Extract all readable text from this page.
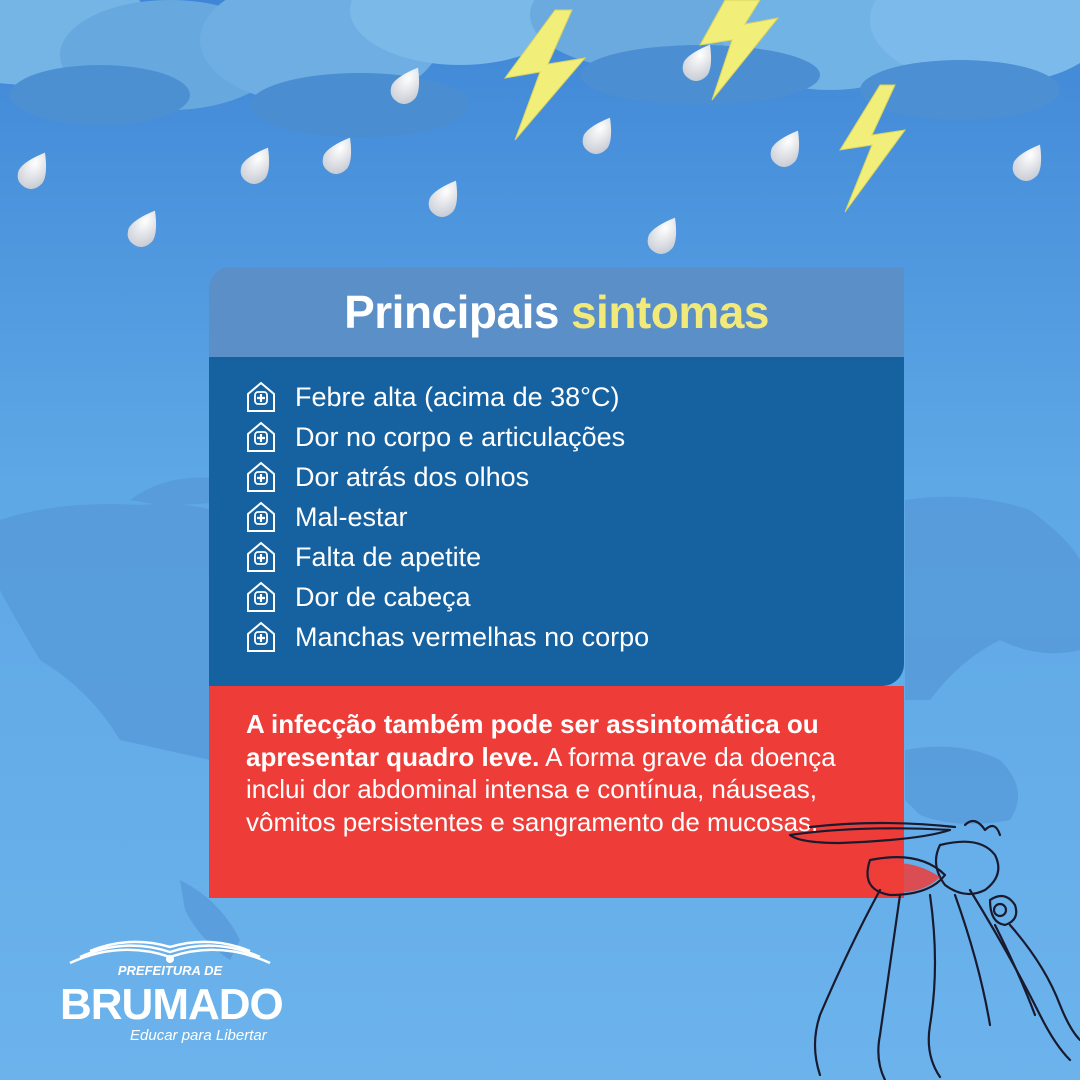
Principais sintomas
Febre alta (acima de 38°C)
Dor no corpo e articulações
Dor atrás dos olhos
Mal-estar
Falta de apetite
Dor de cabeça
Manchas vermelhas no corpo
A infecção também pode ser assintomática ou apresentar quadro leve. A forma grave da doença inclui dor abdominal intensa e contínua, náuseas, vômitos persistentes e sangramento de mucosas.
PREFEITURA DE
BRUMADO
Educar para Libertar
